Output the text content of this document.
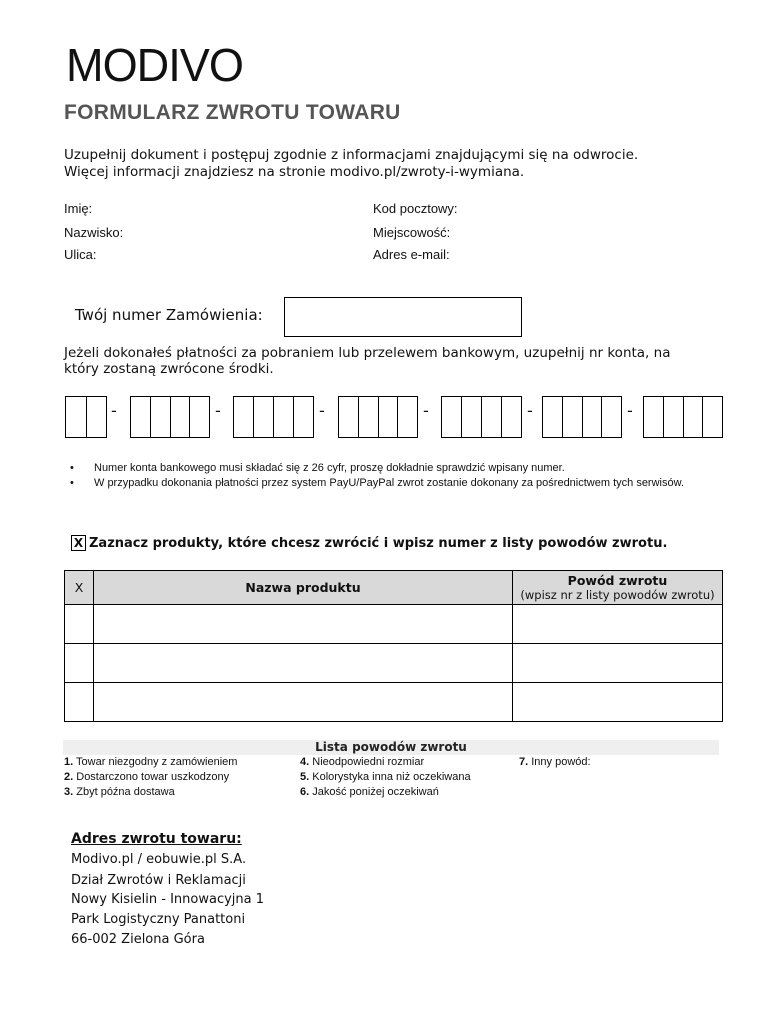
MODIVO
FORMULARZ ZWROTU TOWARU
Uzupełnij dokument i postępuj zgodnie z informacjami znajdującymi się na odwrocie.
Więcej informacji znajdziesz na stronie modivo.pl/zwroty-i-wymiana.
Imię:
Nazwisko:
Ulica:
Kod pocztowy:
Miejscowość:
Adres e-mail:
Twój numer Zamówienia:
Jeżeli dokonałeś płatności za pobraniem lub przelewem bankowym, uzupełnij nr konta, na
który zostaną zwrócone środki.
-	-	-	-	-	-
•	Numer konta bankowego musi składać się z 26 cyfr, proszę dokładnie sprawdzić wpisany numer.
•	W przypadku dokonania płatności przez system PayU/PayPal zwrot zostanie dokonany za pośrednictwem tych serwisów.
X Zaznacz produkty, które chcesz zwrócić i wpisz numer z listy powodów zwrotu.
X	Nazwa produktu	Powód zwrotu
(wpisz nr z listy powodów zwrotu)

Lista powodów zwrotu
1. Towar niezgodny z zamówieniem
2. Dostarczono towar uszkodzony
3. Zbyt późna dostawa
4. Nieodpowiedni rozmiar
5. Kolorystyka inna niż oczekiwana
6. Jakość poniżej oczekiwań
7. Inny powód:
Adres zwrotu towaru:
Modivo.pl / eobuwie.pl S.A.
Dział Zwrotów i Reklamacji
Nowy Kisielin - Innowacyjna 1
Park Logistyczny Panattoni
66-002 Zielona Góra
